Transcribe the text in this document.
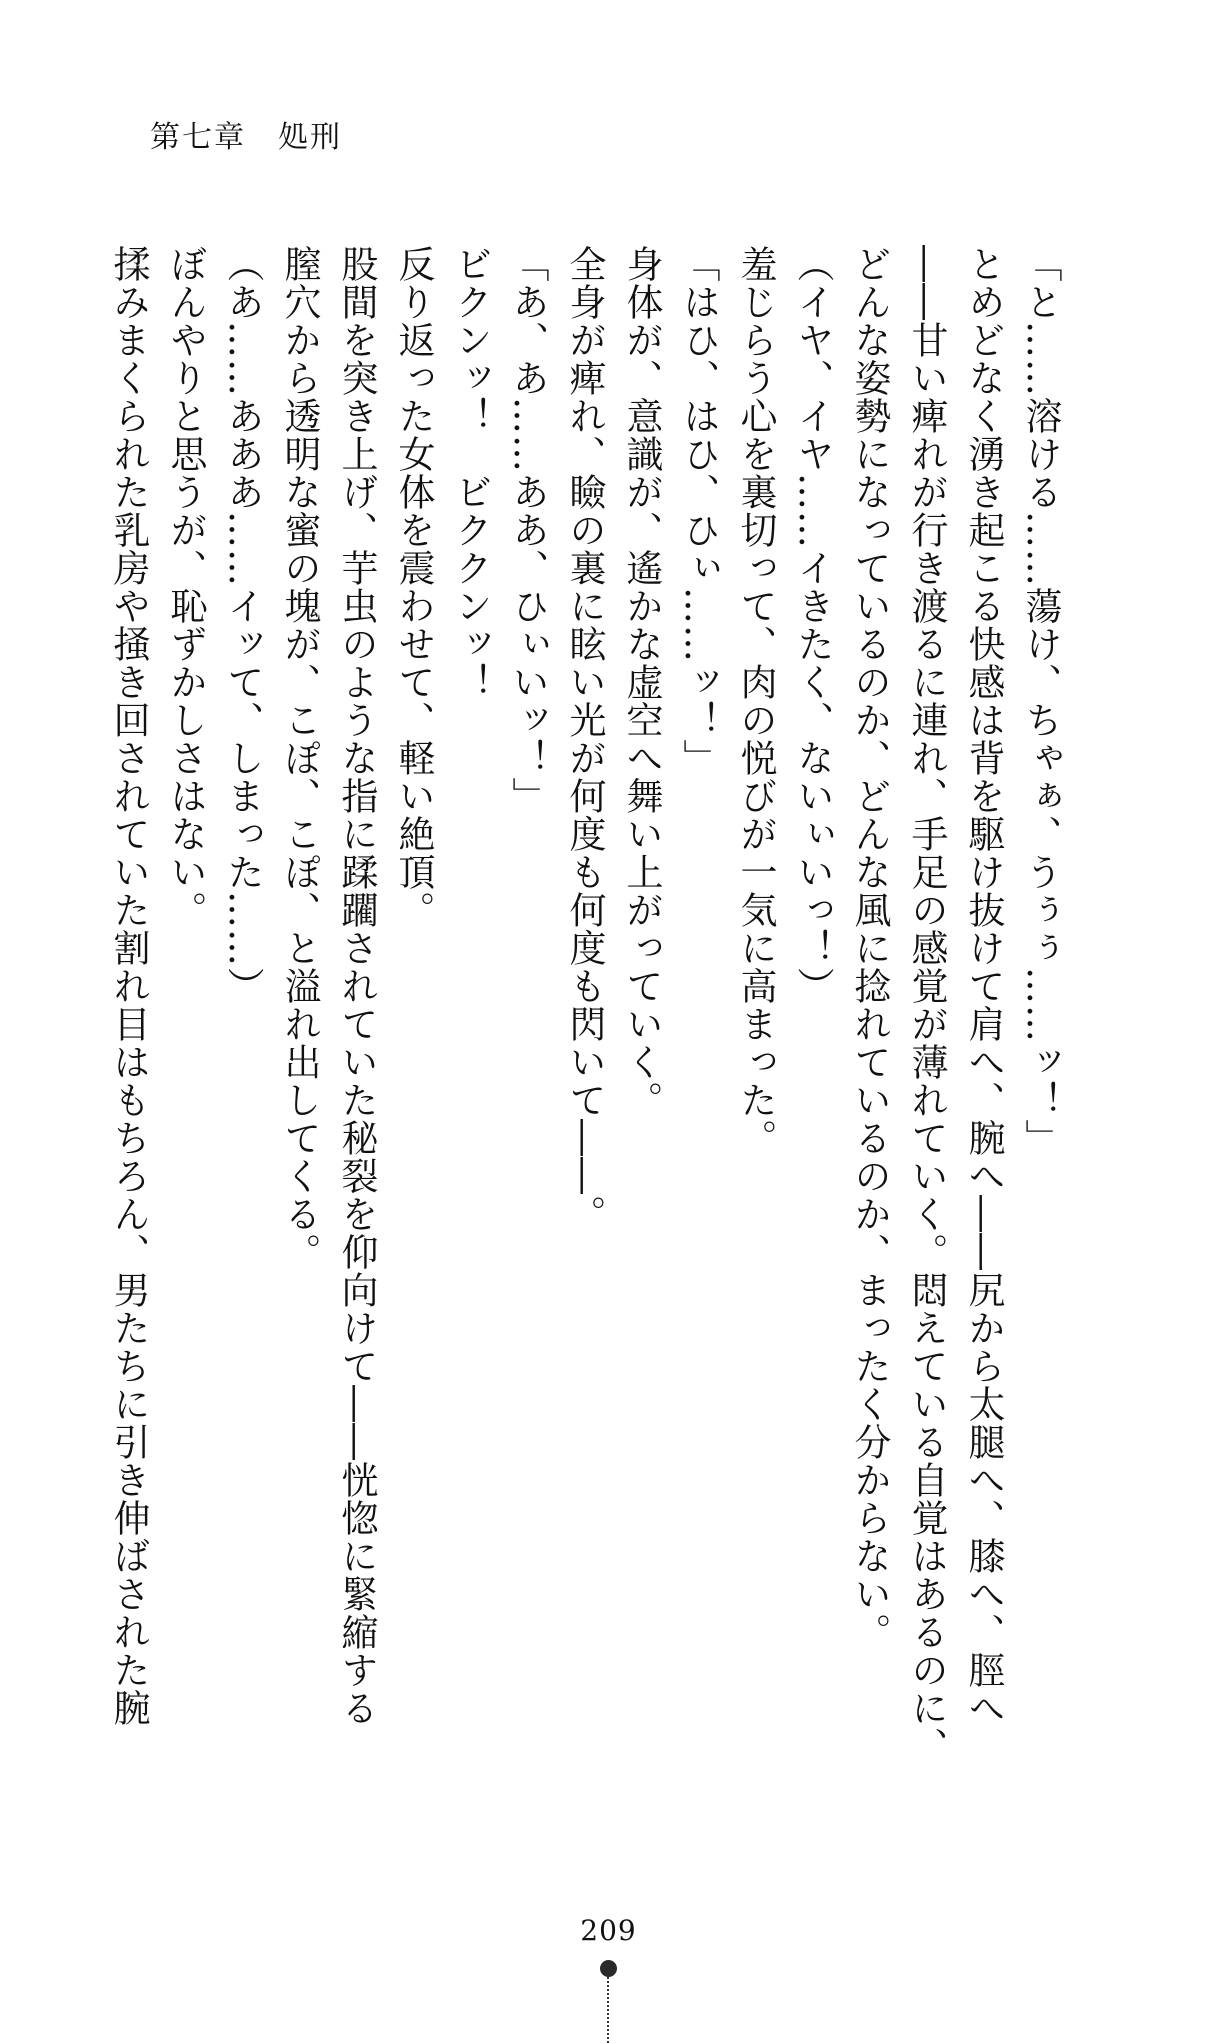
第七章　処刑

「と……溶ける……蕩け、ちゃぁ、うぅぅ……ッ！」

とめどなく湧き起こる快感は背を駆け抜けて肩へ、腕へ――尻から太腿へ、膝へ、脛へ

――甘い痺れが行き渡るに連れ、手足の感覚が薄れていく。悶えている自覚はあるのに、

どんな姿勢になっているのか、どんな風に捻れているのか、まったく分からない。

（イヤ、イヤ……イきたく、ないぃいっ！）

羞じらう心を裏切って、肉の悦びが一気に高まった。

「はひ、はひ、ひぃ……ッ！」

身体が、意識が、遙かな虚空へ舞い上がっていく。

全身が痺れ、瞼の裏に眩い光が何度も何度も閃いて――。

「あ、あ……ああ、ひぃいッ！」

ビクンッ！　ビククンッ！

反り返った女体を震わせて、軽い絶頂。

股間を突き上げ、芋虫のような指に蹂躙されていた秘裂を仰向けて――恍惚に緊縮する

膣穴から透明な蜜の塊が、こぽ、こぽ、と溢れ出してくる。

（あ……あああ……イッて、しまった……）

ぼんやりと思うが、恥ずかしさはない。

揉みまくられた乳房や掻き回されていた割れ目はもちろん、男たちに引き伸ばされた腕

209
